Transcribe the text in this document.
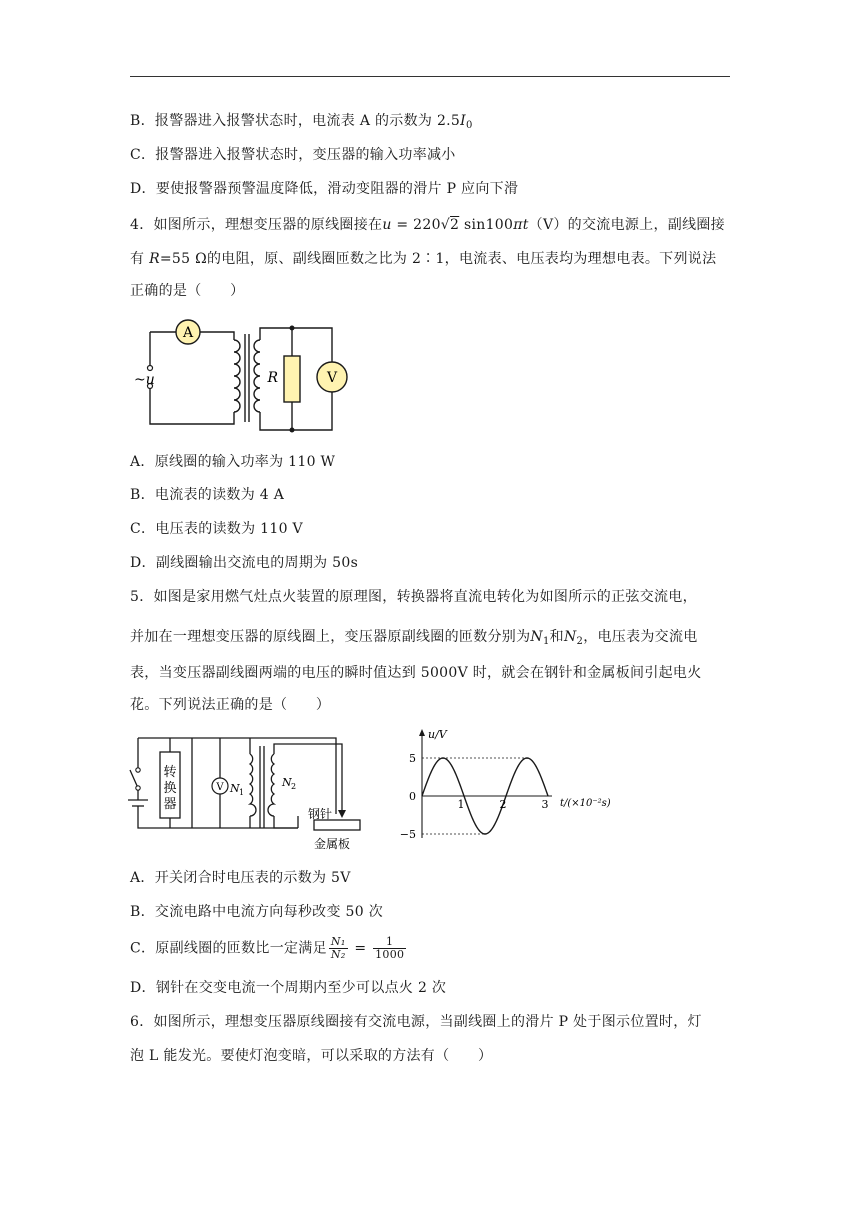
B．报警器进入报警状态时，电流表 A 的示数为 $2.5I_0$
C．报警器进入报警状态时，变压器的输入功率减小
D．要使报警器预警温度降低，滑动变阻器的滑片 P 应向下滑
4．如图所示，理想变压器的原线圈接在u = 220√2 sin100πt（V）的交流电源上，副线圈接
有 R=55 Ω的电阻，原、副线圈匝数之比为 2∶1，电流表、电压表均为理想电表。下列说法
正确的是（　　）
A
V
R
~u
A．原线圈的输入功率为 110 W
B．电流表的读数为 4 A
C．电压表的读数为 110 V
D．副线圈输出交流电的周期为 50s
5．如图是家用燃气灶点火装置的原理图，转换器将直流电转化为如图所示的正弦交流电，
并加在一理想变压器的原线圈上，变压器原副线圈的匝数分别为$N_1$和$N_2$，电压表为交流电
表，当变压器副线圈两端的电压的瞬时值达到 5000V 时，就会在钢针和金属板间引起电火
花。下列说法正确的是（　　）
V
转
换
器
N 1
N 2
钢针
金属板
5
0
−5
1	2	3
u/V
t/(×10⁻²s)
A．开关闭合时电压表的示数为 5V
B．交流电路中电流方向每秒改变 50 次
C．原副线圈的匝数比一定满足 $\frac{\text{N₁}}{\text{N₂}} = \frac{1}{1000}$
D．钢针在交变电流一个周期内至少可以点火 2 次
6．如图所示，理想变压器原线圈接有交流电源，当副线圈上的滑片 P 处于图示位置时，灯
泡 L 能发光。要使灯泡变暗，可以采取的方法有（　　）
